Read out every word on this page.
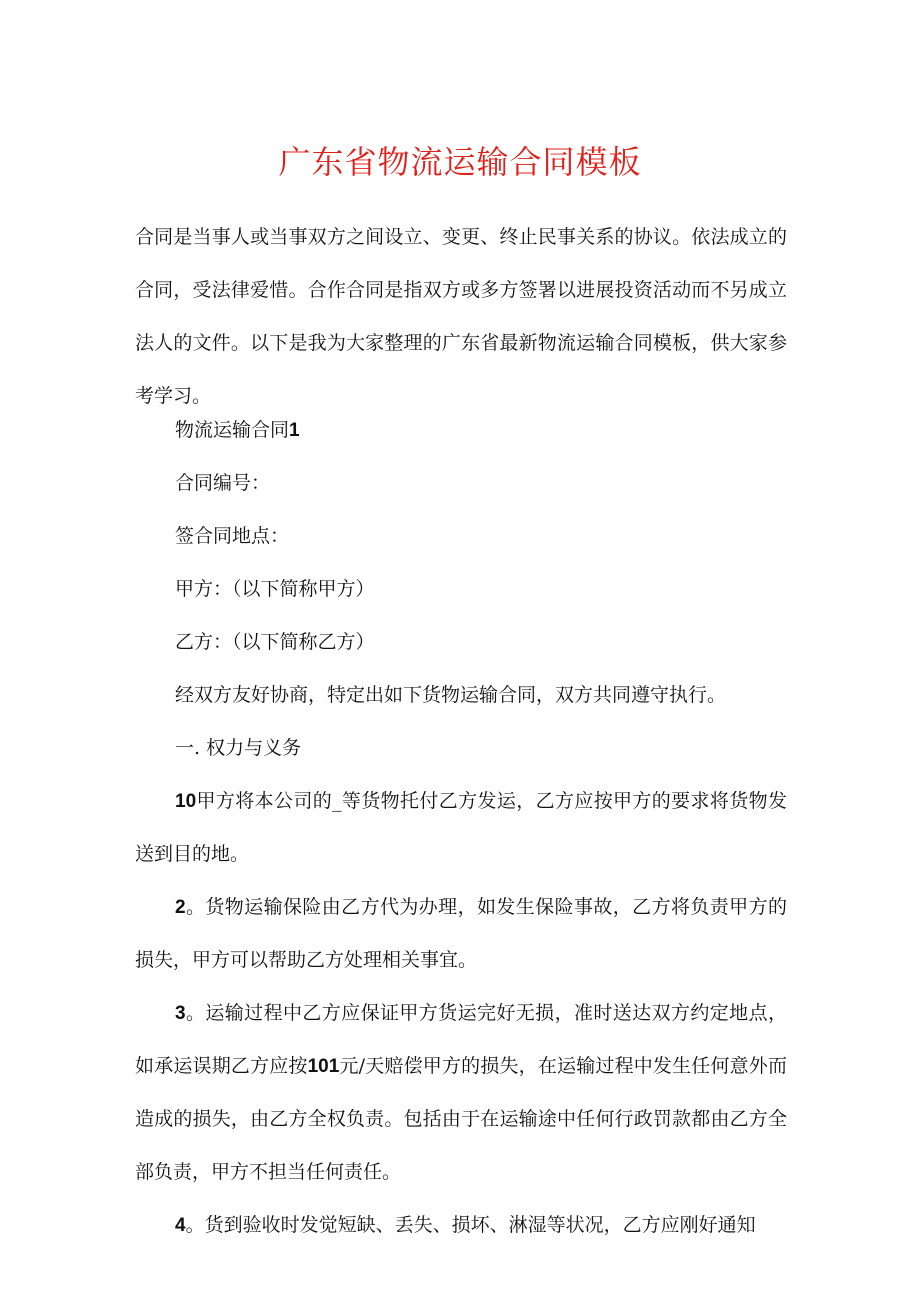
广东省物流运输合同模板

合同是当事人或当事双方之间设立、变更、终止民事关系的协议。依法成立的合同，受法律爱惜。合作合同是指双方或多方签署以进展投资活动而不另成立法人的文件。以下是我为大家整理的广东省最新物流运输合同模板，供大家参考学习。

物流运输合同1

合同编号：

签合同地点：

甲方：（以下简称甲方）

乙方：（以下简称乙方）

经双方友好协商，特定出如下货物运输合同，双方共同遵守执行。

一. 权力与义务

10甲方将本公司的_等货物托付乙方发运，乙方应按甲方的要求将货物发送到目的地。

2。货物运输保险由乙方代为办理，如发生保险事故，乙方将负责甲方的损失，甲方可以帮助乙方处理相关事宜。

3。运输过程中乙方应保证甲方货运完好无损，准时送达双方约定地点，如承运误期乙方应按101元/天赔偿甲方的损失，在运输过程中发生任何意外而造成的损失，由乙方全权负责。包括由于在运输途中任何行政罚款都由乙方全部负责，甲方不担当任何责任。

4。货到验收时发觉短缺、丢失、损坏、淋湿等状况，乙方应刚好通知
